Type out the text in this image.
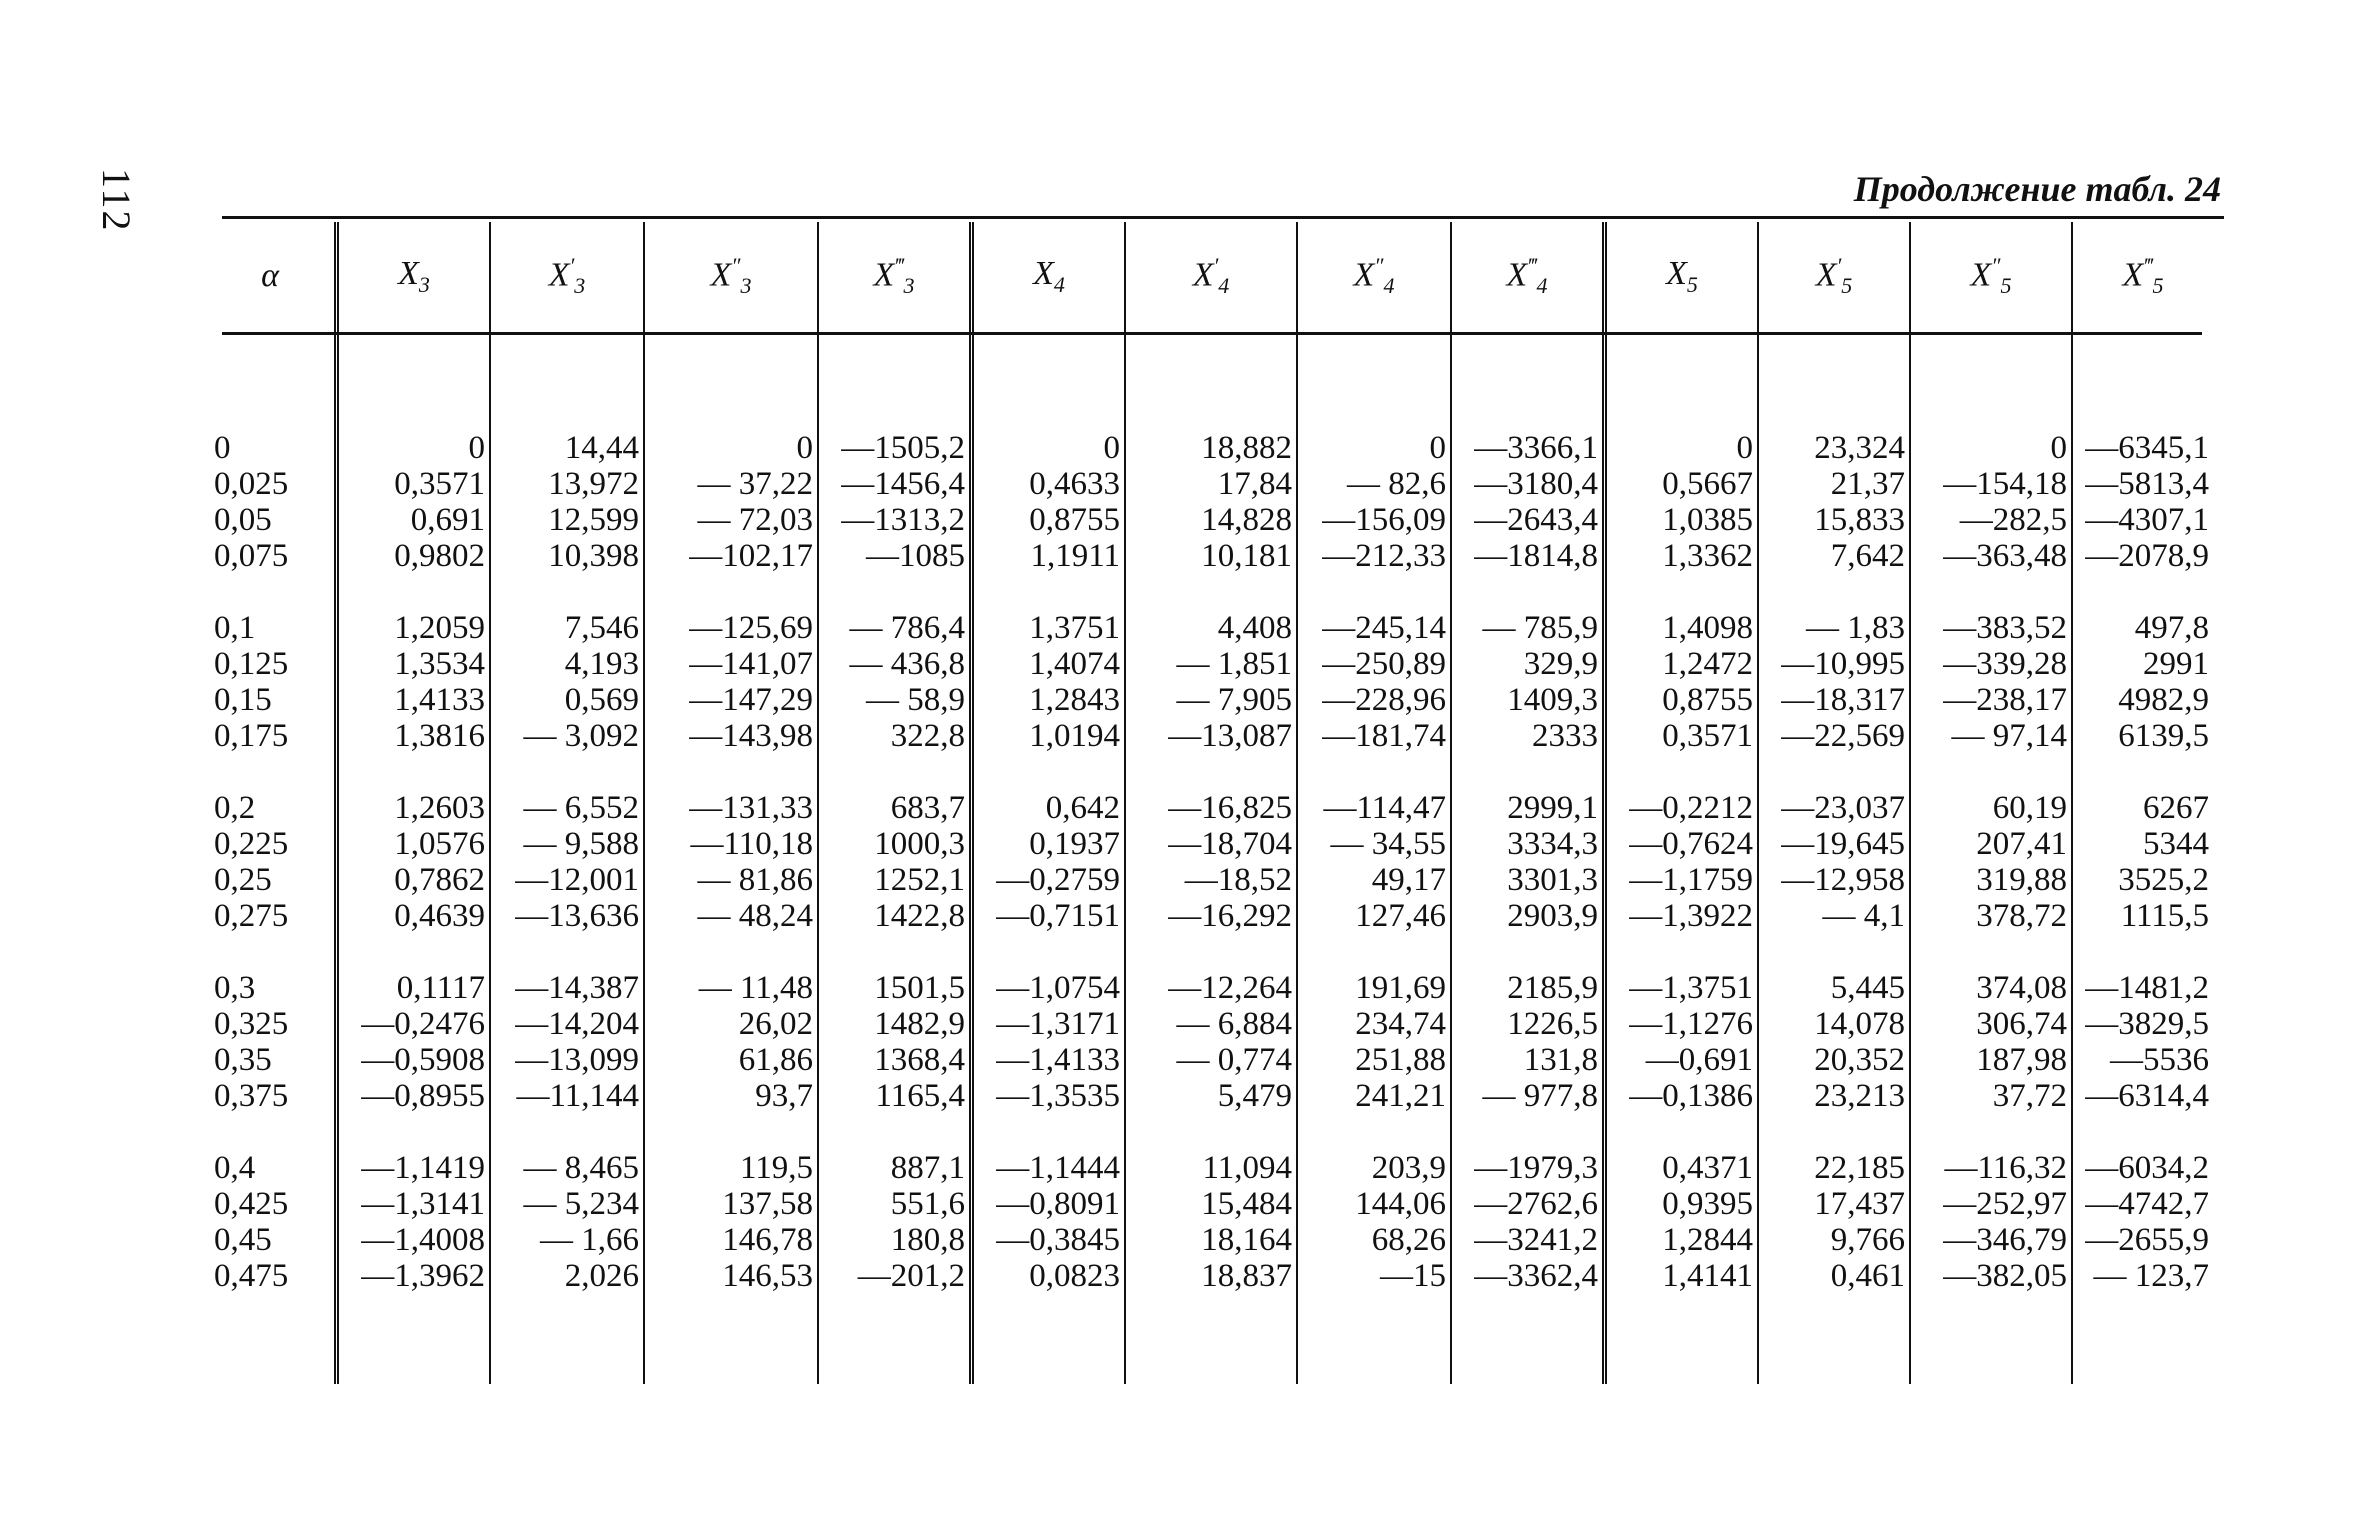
112	Продолжение табл. 24
α	$X_3$	$X'_3$	$X''_3$	$X^‴_3$	$X_4$	$X'_4$	$X''_4$	$X^‴_4$	$X_5$	$X'_5$	$X''_5$	$X^‴_5$

0	0	14,44	0	—1505,2	0	18,882	0	—3366,1	0	23,324	0	—6345,1
0,025	0,3571	13,972	— 37,22	—1456,4	0,4633	17,84	— 82,6	—3180,4	0,5667	21,37	—154,18	—5813,4
0,05	0,691	12,599	— 72,03	—1313,2	0,8755	14,828	—156,09	—2643,4	1,0385	15,833	—282,5	—4307,1
0,075	0,9802	10,398	—102,17	—1085	1,1911	10,181	—212,33	—1814,8	1,3362	7,642	—363,48	—2078,9

0,1	1,2059	7,546	—125,69	— 786,4	1,3751	4,408	—245,14	— 785,9	1,4098	— 1,83	—383,52	497,8
0,125	1,3534	4,193	—141,07	— 436,8	1,4074	— 1,851	—250,89	329,9	1,2472	—10,995	—339,28	2991
0,15	1,4133	0,569	—147,29	— 58,9	1,2843	— 7,905	—228,96	1409,3	0,8755	—18,317	—238,17	4982,9
0,175	1,3816	— 3,092	—143,98	322,8	1,0194	—13,087	—181,74	2333	0,3571	—22,569	— 97,14	6139,5

0,2	1,2603	— 6,552	—131,33	683,7	0,642	—16,825	—114,47	2999,1	—0,2212	—23,037	60,19	6267
0,225	1,0576	— 9,588	—110,18	1000,3	0,1937	—18,704	— 34,55	3334,3	—0,7624	—19,645	207,41	5344
0,25	0,7862	—12,001	— 81,86	1252,1	—0,2759	—18,52	49,17	3301,3	—1,1759	—12,958	319,88	3525,2
0,275	0,4639	—13,636	— 48,24	1422,8	—0,7151	—16,292	127,46	2903,9	—1,3922	— 4,1	378,72	1115,5

0,3	0,1117	—14,387	— 11,48	1501,5	—1,0754	—12,264	191,69	2185,9	—1,3751	5,445	374,08	—1481,2
0,325	—0,2476	—14,204	26,02	1482,9	—1,3171	— 6,884	234,74	1226,5	—1,1276	14,078	306,74	—3829,5
0,35	—0,5908	—13,099	61,86	1368,4	—1,4133	— 0,774	251,88	131,8	—0,691	20,352	187,98	—5536
0,375	—0,8955	—11,144	93,7	1165,4	—1,3535	5,479	241,21	— 977,8	—0,1386	23,213	37,72	—6314,4

0,4	—1,1419	— 8,465	119,5	887,1	—1,1444	11,094	203,9	—1979,3	0,4371	22,185	—116,32	—6034,2
0,425	—1,3141	— 5,234	137,58	551,6	—0,8091	15,484	144,06	—2762,6	0,9395	17,437	—252,97	—4742,7
0,45	—1,4008	— 1,66	146,78	180,8	—0,3845	18,164	68,26	—3241,2	1,2844	9,766	—346,79	—2655,9
0,475	—1,3962	2,026	146,53	—201,2	0,0823	18,837	—15	—3362,4	1,4141	0,461	—382,05	— 123,7
